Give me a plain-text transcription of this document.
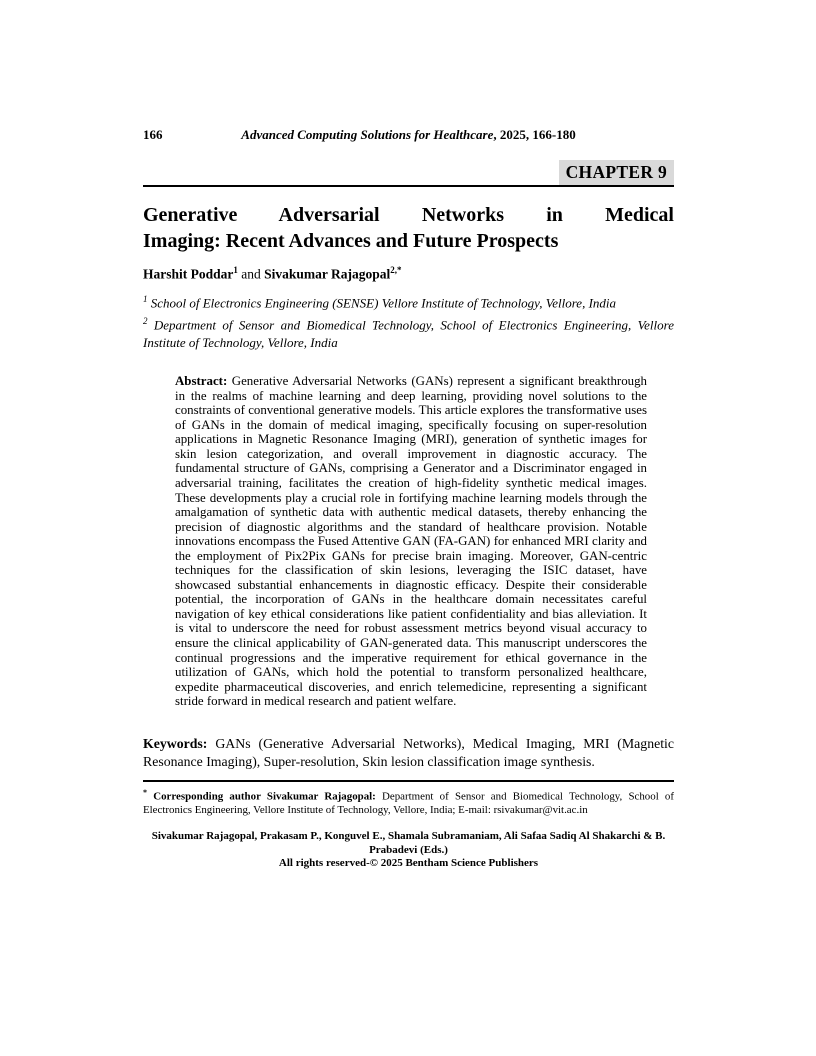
166	Advanced Computing Solutions for Healthcare, 2025, 166-180
CHAPTER 9
Generative Adversarial Networks in Medical
Imaging: Recent Advances and Future Prospects
Harshit Poddar$^1$ and Sivakumar Rajagopal$^{2,*}$
$^1$ School of Electronics Engineering (SENSE) Vellore Institute of Technology, Vellore, India
$^2$ Department of Sensor and Biomedical Technology, School of Electronics Engineering, Vellore Institute of Technology, Vellore, India
Abstract: Generative Adversarial Networks (GANs) represent a significant breakthrough in the realms of machine learning and deep learning, providing novel solutions to the constraints of conventional generative models. This article explores the transformative uses of GANs in the domain of medical imaging, specifically focusing on super-resolution applications in Magnetic Resonance Imaging (MRI), generation of synthetic images for skin lesion categorization, and overall improvement in diagnostic accuracy. The fundamental structure of GANs, comprising a Generator and a Discriminator engaged in adversarial training, facilitates the creation of high-fidelity synthetic medical images. These developments play a crucial role in fortifying machine learning models through the amalgamation of synthetic data with authentic medical datasets, thereby enhancing the precision of diagnostic algorithms and the standard of healthcare provision. Notable innovations encompass the Fused Attentive GAN (FA-GAN) for enhanced MRI clarity and the employment of Pix2Pix GANs for precise brain imaging. Moreover, GAN-centric techniques for the classification of skin lesions, leveraging the ISIC dataset, have showcased substantial enhancements in diagnostic efficacy. Despite their considerable potential, the incorporation of GANs in the healthcare domain necessitates careful navigation of key ethical considerations like patient confidentiality and bias alleviation. It is vital to underscore the need for robust assessment metrics beyond visual accuracy to ensure the clinical applicability of GAN-generated data. This manuscript underscores the continual progressions and the imperative requirement for ethical governance in the utilization of GANs, which hold the potential to transform personalized healthcare, expedite pharmaceutical discoveries, and enrich telemedicine, representing a significant stride forward in medical research and patient welfare.
Keywords: GANs (Generative Adversarial Networks), Medical Imaging, MRI (Magnetic Resonance Imaging), Super-resolution, Skin lesion classification image synthesis.
* Corresponding author Sivakumar Rajagopal: Department of Sensor and Biomedical Technology, School of Electronics Engineering, Vellore Institute of Technology, Vellore, India; E-mail: rsivakumar@vit.ac.in
Sivakumar Rajagopal, Prakasam P., Konguvel E., Shamala Subramaniam, Ali Safaa Sadiq Al Shakarchi & B. Prabadevi (Eds.)
All rights reserved-© 2025 Bentham Science Publishers
